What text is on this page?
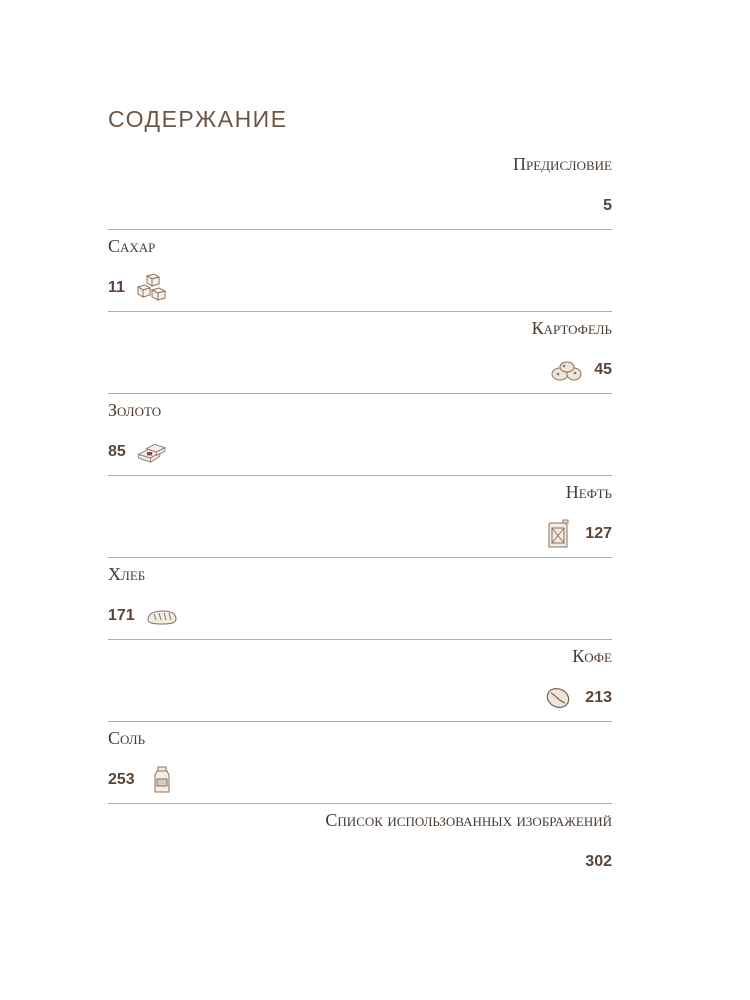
СОДЕРЖАНИЕ
Предисловие
5
Сахар
11
Картофель
45
Золото
85
Нефть
127
Хлеб
171
Кофе
213
Соль
253
Список использованных изображений
302
